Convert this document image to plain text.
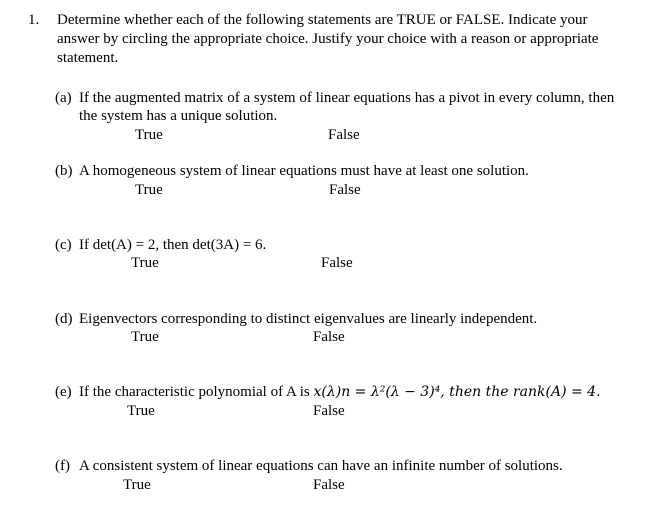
1. Determine whether each of the following statements are TRUE or FALSE. Indicate your
answer by circling the appropriate choice. Justify your choice with a reason or appropriate
statement.
(a) If the augmented matrix of a system of linear equations has a pivot in every column, then
the system has a unique solution.
True	False
(b) A homogeneous system of linear equations must have at least one solution.
True	False
(c) If det(A) = 2, then det(3A) = 6.
True	False
(d) Eigenvectors corresponding to distinct eigenvalues are linearly independent.
True	False
(e) If the characteristic polynomial of A is x(λ)n = λ²(λ − 3)⁴, then the rank(A) = 4.
True	False
(f) A consistent system of linear equations can have an infinite number of solutions.
True	False
